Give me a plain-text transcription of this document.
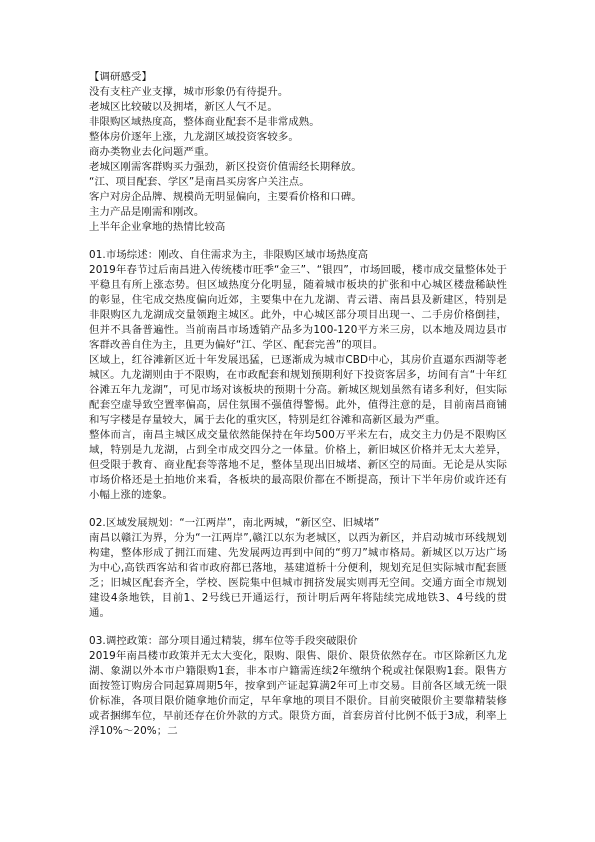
【调研感受】
没有支柱产业支撑，城市形象仍有待提升。
老城区比较破以及拥堵，新区人气不足。
非限购区域热度高，整体商业配套不是非常成熟。
整体房价逐年上涨，九龙湖区域投资客较多。
商办类物业去化问题严重。
老城区刚需客群购买力强劲，新区投资价值需经长期释放。
“江、项目配套、学区”是南昌买房客户关注点。
客户对房企品牌、规模尚无明显偏向，主要看价格和口碑。
主力产品是刚需和刚改。
上半年企业拿地的热情比较高
01.市场综述：刚改、自住需求为主，非限购区域市场热度高

2019年春节过后南昌进入传统楼市旺季“金三”、“银四”，市场回暖，楼市成交量整体处于平稳且有所上涨态势。但区域热度分化明显，随着城市板块的扩张和中心城区楼盘稀缺性的彰显，住宅成交热度偏向近郊，主要集中在九龙湖、青云谱、南昌县及新建区，特别是非限购区九龙湖成交量领跑主城区。此外，中心城区部分项目出现一、二手房价格倒挂，但并不具备普遍性。当前南昌市场透销产品多为100-120平方米三房，以本地及周边县市客群改善自住为主，且更为偏好“江、学区、配套完善”的项目。

区域上，红谷滩新区近十年发展迅猛，已逐渐成为城市CBD中心，其房价直逼东西湖等老城区。九龙湖则由于不限购，在市政配套和规划预期利好下投资客居多，坊间有言“十年红谷滩五年九龙湖”，可见市场对该板块的预期十分高。新城区规划虽然有诸多利好，但实际配套空虚导致空置率偏高，居住氛围不强值得警惕。此外，值得注意的是，目前南昌商铺和写字楼是存量较大，属于去化的重灾区，特别是红谷滩和高新区最为严重。

整体而言，南昌主城区成交量依然能保持在年均500万平米左右，成交主力仍是不限购区域，特别是九龙湖，占到全市成交四分之一体量。价格上，新旧城区价格并无太大差异，但受限于教育、商业配套等落地不足，整体呈现出旧城堵、新区空的局面。无论是从实际市场价格还是土拍地价来看，各板块的最高限价都在不断提高，预计下半年房价或许还有小幅上涨的迹象。

02.区域发展规划：“一江两岸”，南北两城，“新区空、旧城堵”

南昌以赣江为界，分为“一江两岸”,赣江以东为老城区，以西为新区，并启动城市环线规划构建，整体形成了拥江而建、先发展两边再到中间的“剪刀”城市格局。新城区以万达广场为中心,高铁西客站和省市政府都已落地，基建道桥十分便利，规划充足但实际城市配套匮乏；旧城区配套齐全，学校、医院集中但城市拥挤发展实则再无空间。交通方面全市规划建设4条地铁，目前1、2号线已开通运行，预计明后两年将陆续完成地铁3、4号线的贯通。

03.调控政策：部分项目通过精装，绑车位等手段突破限价

2019年南昌楼市政策并无太大变化，限购、限售、限价、限贷依然存在。市区除新区九龙湖、象湖以外本市户籍限购1套，非本市户籍需连续2年缴纳个税或社保限购1套。限售方面按签订购房合同起算周期5年，按拿到产证起算满2年可上市交易。目前各区域无统一限价标准，各项目限价随拿地价而定，早年拿地的项目不限价。目前突破限价主要靠精装修或者捆绑车位，早前还存在价外款的方式。限贷方面，首套房首付比例不低于3成，利率上浮10%～20%；二
